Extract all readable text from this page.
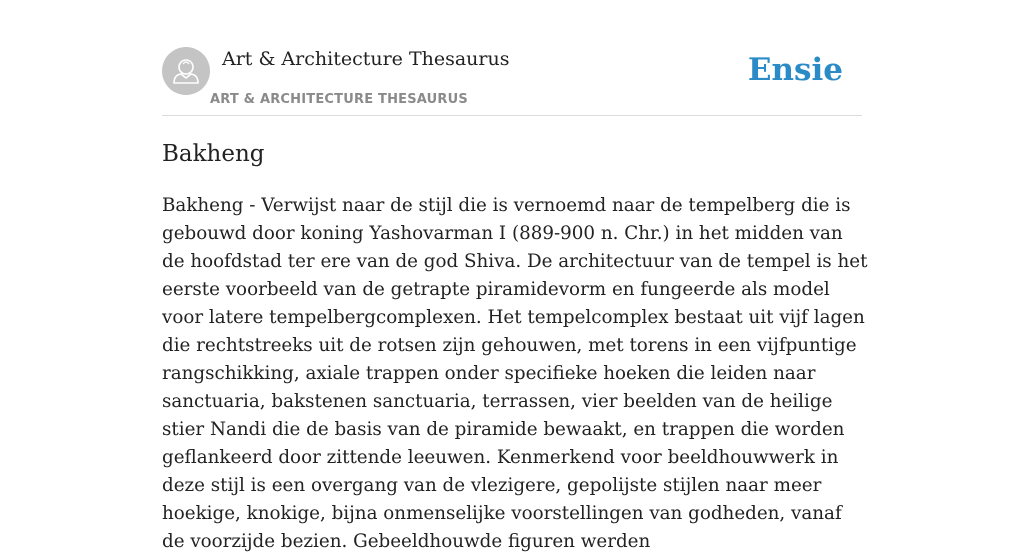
Art & Architecture Thesaurus
ART & ARCHITECTURE THESAURUS
Ensie
Bakheng

Bakheng - Verwijst naar de stijl die is vernoemd naar de tempelberg die is gebouwd door koning Yashovarman I (889-900 n. Chr.) in het midden van de hoofdstad ter ere van de god Shiva. De architectuur van de tempel is het eerste voorbeeld van de getrapte piramidevorm en fungeerde als model voor latere tempelbergcomplexen. Het tempelcomplex bestaat uit vijf lagen die rechtstreeks uit de rotsen zijn gehouwen, met torens in een vijfpuntige rangschikking, axiale trappen onder specifieke hoeken die leiden naar sanctuaria, bakstenen sanctuaria, terrassen, vier beelden van de heilige stier Nandi die de basis van de piramide bewaakt, en trappen die worden geflankeerd door zittende leeuwen. Kenmerkend voor beeldhouwwerk in deze stijl is een overgang van de vlezigere, gepolijste stijlen naar meer hoekige, knokige, bijna onmenselijke voorstellingen van godheden, vanaf de voorzijde bezien. Gebeeldhouwde figuren werden
